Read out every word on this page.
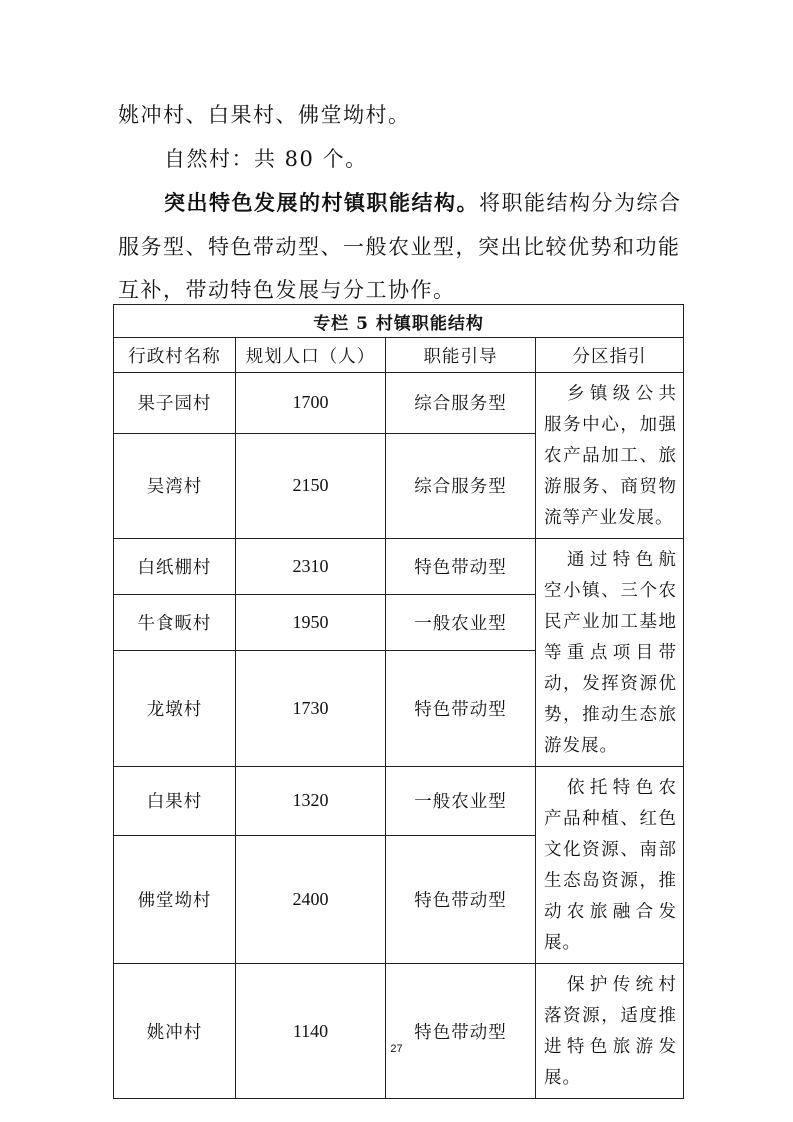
姚冲村、白果村、佛堂坳村。

自然村：共 80 个。

突出特色发展的村镇职能结构。将职能结构分为综合服务型、特色带动型、一般农业型，突出比较优势和功能互补，带动特色发展与分工协作。

专栏 5 村镇职能结构			
行政村名称	规划人口（人）	职能引导	分区指引
果子园村	1700	综合服务型	乡镇级公共服务中心，加强农产品加工、旅游服务、商贸物流等产业发展。

吴湾村	2150	综合服务型	
白纸棚村	2310	特色带动型	通过特色航空小镇、三个农民产业加工基地等重点项目带动，发挥资源优势，推动生态旅游发展。

牛食畈村	1950	一般农业型	
龙墩村	1730	特色带动型	
白果村	1320	一般农业型	依托特色农产品种植、红色文化资源、南部生态岛资源，推动农旅融合发展。

佛堂坳村	2400	特色带动型	
姚冲村	1140	特色带动型	保护传统村落资源，适度推进特色旅游发展。
27
